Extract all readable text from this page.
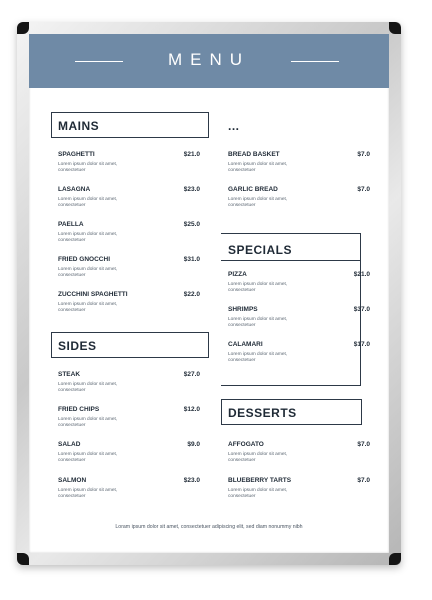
MENU
MAINS
SPAGHETTI	$21.0
Lorem ipsum dolor sit amet, consectetuer
LASAGNA	$23.0
Lorem ipsum dolor sit amet, consectetuer
PAELLA	$25.0
Lorem ipsum dolor sit amet, consectetuer
FRIED GNOCCHI	$31.0
Lorem ipsum dolor sit amet, consectetuer
ZUCCHINI SPAGHETTI	$22.0
Lorem ipsum dolor sit amet, consectetuer
SIDES
STEAK	$27.0
Lorem ipsum dolor sit amet, consectetuer
FRIED CHIPS	$12.0
Lorem ipsum dolor sit amet, consectetuer
SALAD	$9.0
Lorem ipsum dolor sit amet, consectetuer
SALMON	$23.0
Lorem ipsum dolor sit amet, consectetuer
...
BREAD BASKET	$7.0
Lorem ipsum dolor sit amet, consectetuer
GARLIC BREAD	$7.0
Lorem ipsum dolor sit amet, consectetuer
SPECIALS
PIZZA	$21.0
Lorem ipsum dolor sit amet, consectetuer
SHRIMPS	$37.0
Lorem ipsum dolor sit amet, consectetuer
CALAMARI	$17.0
Lorem ipsum dolor sit amet, consectetuer
DESSERTS
AFFOGATO	$7.0
Lorem ipsum dolor sit amet, consectetuer
BLUEBERRY TARTS	$7.0
Lorem ipsum dolor sit amet, consectetuer
Loram ipsum dolor sit amet, consectetuer adipiscing elit, sed diam nonummy nibh
